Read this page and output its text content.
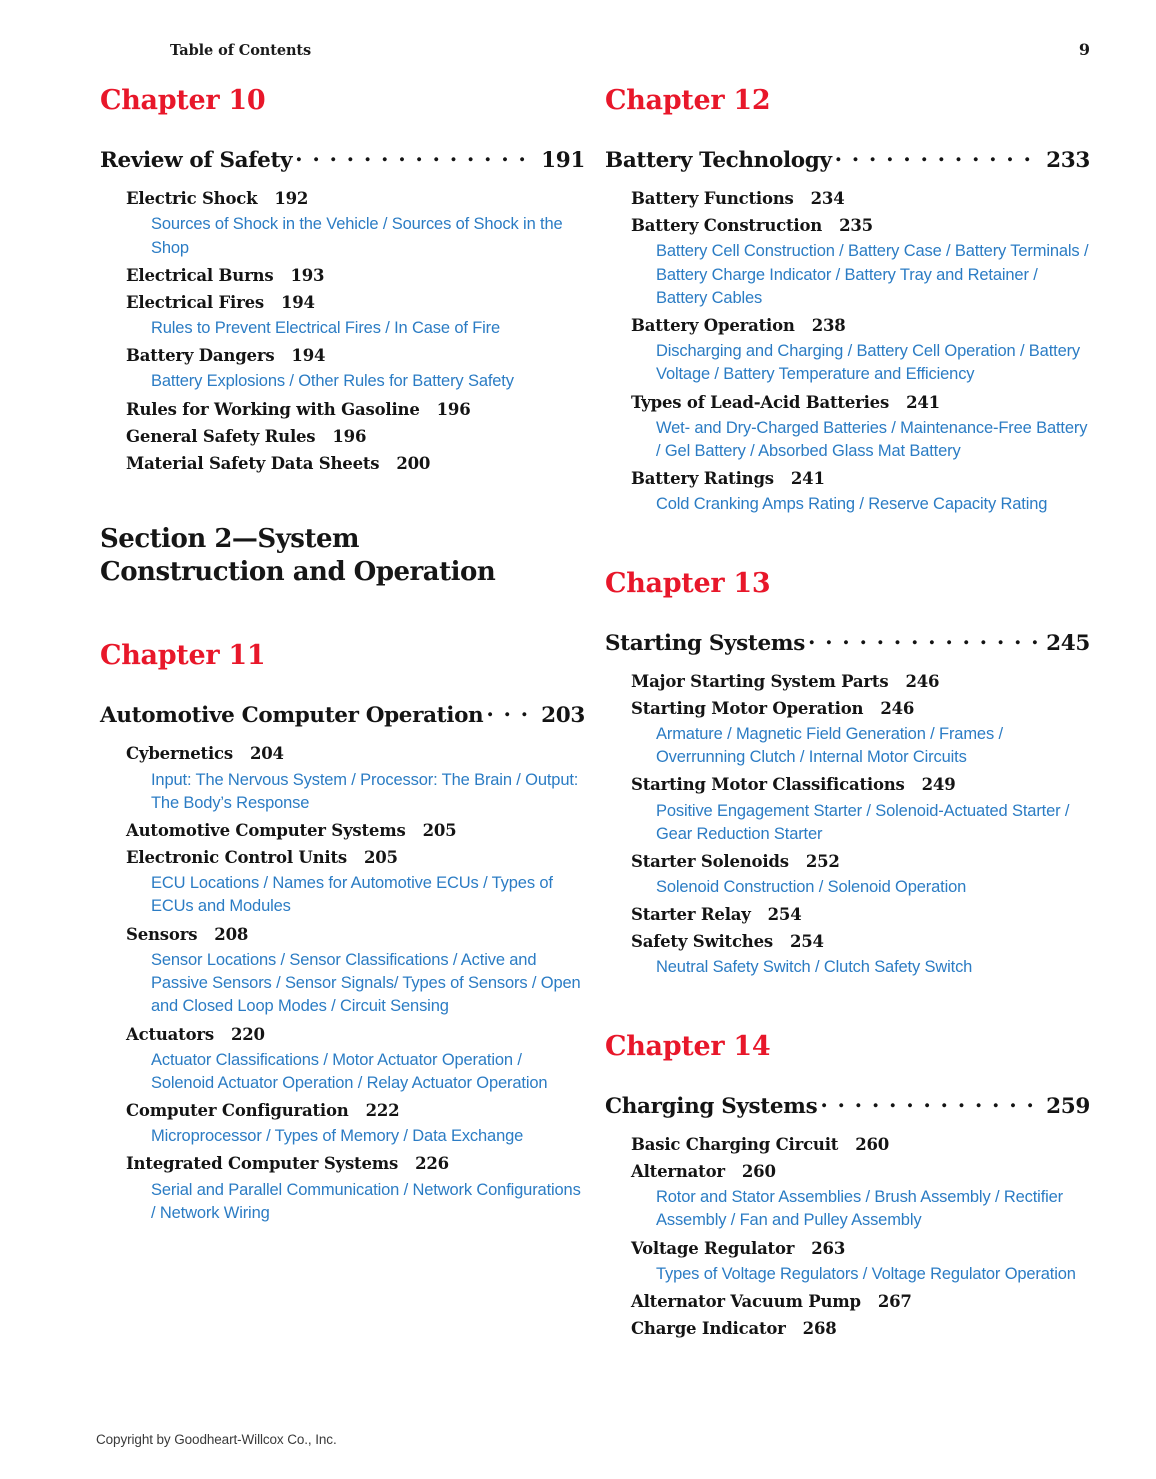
Table of Contents	9
Chapter 10
Review of Safety . . .	191
Electric Shock 192
Sources of Shock in the Vehicle / Sources of Shock in the Shop
Electrical Burns 193
Electrical Fires 194
Rules to Prevent Electrical Fires / In Case of Fire
Battery Dangers 194
Battery Explosions / Other Rules for Battery Safety
Rules for Working with Gasoline 196
General Safety Rules 196
Material Safety Data Sheets 200
Section 2—System Construction and Operation
Chapter 11
Automotive Computer Operation . . .	203
Cybernetics 204
Input: The Nervous System / Processor: The Brain / Output: The Body’s Response
Automotive Computer Systems 205
Electronic Control Units 205
ECU Locations / Names for Automotive ECUs / Types of ECUs and Modules
Sensors 208
Sensor Locations / Sensor Classifications / Active and Passive Sensors / Sensor Signals/ Types of Sensors / Open and Closed Loop Modes / Circuit Sensing
Actuators 220
Actuator Classifications / Motor Actuator Operation / Solenoid Actuator Operation / Relay Actuator Operation
Computer Configuration 222
Microprocessor / Types of Memory / Data Exchange
Integrated Computer Systems 226
Serial and Parallel Communication / Network Configurations / Network Wiring
Chapter 12
Battery Technology . . .	233
Battery Functions 234
Battery Construction 235
Battery Cell Construction / Battery Case / Battery Terminals / Battery Charge Indicator / Battery Tray and Retainer / Battery Cables
Battery Operation 238
Discharging and Charging / Battery Cell Operation / Battery Voltage / Battery Temperature and Efficiency
Types of Lead-Acid Batteries 241
Wet- and Dry-Charged Batteries / Maintenance-Free Battery / Gel Battery / Absorbed Glass Mat Battery
Battery Ratings 241
Cold Cranking Amps Rating / Reserve Capacity Rating
Chapter 13
Starting Systems . . .	245
Major Starting System Parts 246
Starting Motor Operation 246
Armature / Magnetic Field Generation / Frames / Overrunning Clutch / Internal Motor Circuits
Starting Motor Classifications 249
Positive Engagement Starter / Solenoid-Actuated Starter / Gear Reduction Starter
Starter Solenoids 252
Solenoid Construction / Solenoid Operation
Starter Relay 254
Safety Switches 254
Neutral Safety Switch / Clutch Safety Switch
Chapter 14
Charging Systems . . .	259
Basic Charging Circuit 260
Alternator 260
Rotor and Stator Assemblies / Brush Assembly / Rectifier Assembly / Fan and Pulley Assembly
Voltage Regulator 263
Types of Voltage Regulators / Voltage Regulator Operation
Alternator Vacuum Pump 267
Charge Indicator 268
Copyright by Goodheart-Willcox Co., Inc.
